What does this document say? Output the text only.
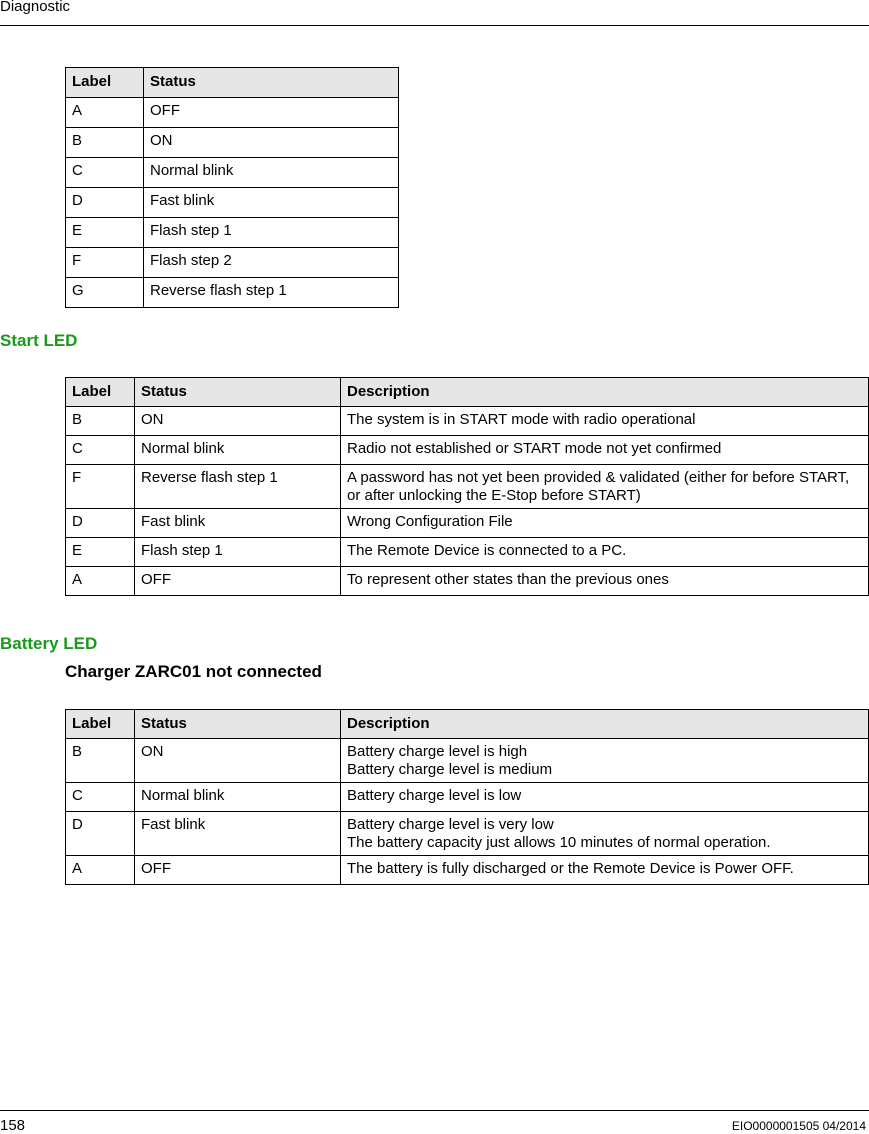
Diagnostic
Label	Status
A	OFF
B	ON
C	Normal blink
D	Fast blink
E	Flash step 1
F	Flash step 2
G	Reverse flash step 1
Start LED
Label	Status	Description
B	ON	The system is in START mode with radio operational
C	Normal blink	Radio not established or START mode not yet confirmed
F	Reverse flash step 1	A password has not yet been provided & validated (either for before START, or after unlocking the E-Stop before START)
D	Fast blink	Wrong Configuration File
E	Flash step 1	The Remote Device is connected to a PC.
A	OFF	To represent other states than the previous ones
Battery LED
Charger ZARC01 not connected
Label	Status	Description
B	ON	Battery charge level is high
Battery charge level is medium

C	Normal blink	Battery charge level is low

D	Fast blink	Battery charge level is very low
The battery capacity just allows 10 minutes of normal operation.

A	OFF	The battery is fully discharged or the Remote Device is Power OFF.
158	EIO0000001505 04/2014
